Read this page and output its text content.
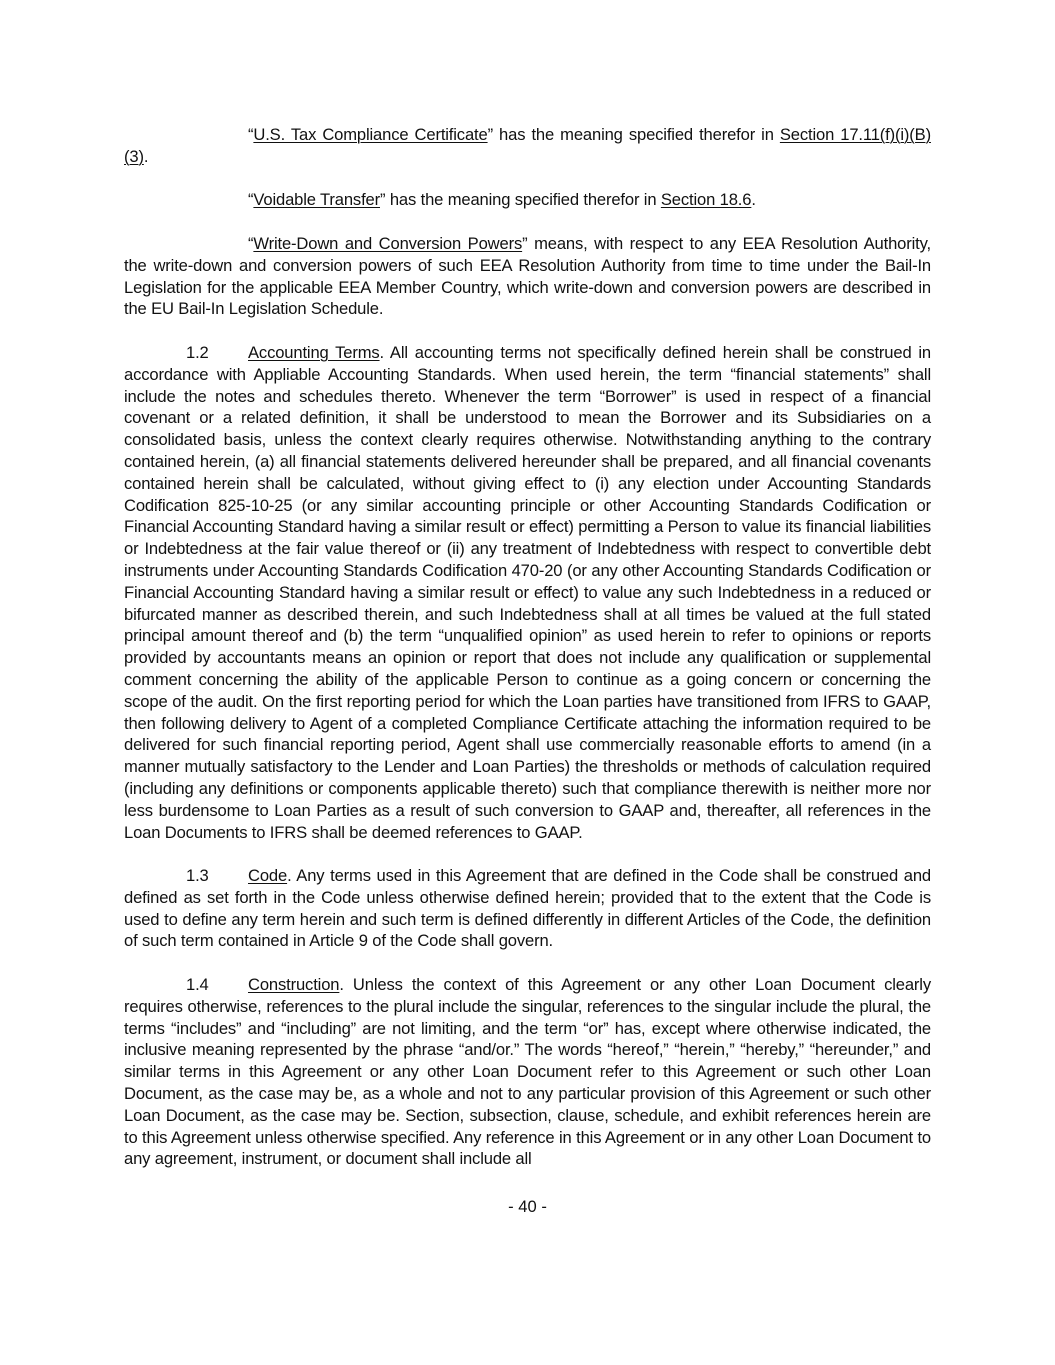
“U.S. Tax Compliance Certificate” has the meaning specified therefor in Section 17.11(f)(i)(B)(3).

“Voidable Transfer” has the meaning specified therefor in Section 18.6.

“Write-Down and Conversion Powers” means, with respect to any EEA Resolution Authority, the write-down and conversion powers of such EEA Resolution Authority from time to time under the Bail-In Legislation for the applicable EEA Member Country, which write-down and conversion powers are described in the EU Bail-In Legislation Schedule.

1.2 Accounting Terms. All accounting terms not specifically defined herein shall be construed in accordance with Appliable Accounting Standards. When used herein, the term “financial statements” shall include the notes and schedules thereto. Whenever the term “Borrower” is used in respect of a financial covenant or a related definition, it shall be understood to mean the Borrower and its Subsidiaries on a consolidated basis, unless the context clearly requires otherwise. Notwithstanding anything to the contrary contained herein, (a) all financial statements delivered hereunder shall be prepared, and all financial covenants contained herein shall be calculated, without giving effect to (i) any election under Accounting Standards Codification 825-10-25 (or any similar accounting principle or other Accounting Standards Codification or Financial Accounting Standard having a similar result or effect) permitting a Person to value its financial liabilities or Indebtedness at the fair value thereof or (ii) any treatment of Indebtedness with respect to convertible debt instruments under Accounting Standards Codification 470-20 (or any other Accounting Standards Codification or Financial Accounting Standard having a similar result or effect) to value any such Indebtedness in a reduced or bifurcated manner as described therein, and such Indebtedness shall at all times be valued at the full stated principal amount thereof and (b) the term “unqualified opinion” as used herein to refer to opinions or reports provided by accountants means an opinion or report that does not include any qualification or supplemental comment concerning the ability of the applicable Person to continue as a going concern or concerning the scope of the audit. On the first reporting period for which the Loan parties have transitioned from IFRS to GAAP, then following delivery to Agent of a completed Compliance Certificate attaching the information required to be delivered for such financial reporting period, Agent shall use commercially reasonable efforts to amend (in a manner mutually satisfactory to the Lender and Loan Parties) the thresholds or methods of calculation required (including any definitions or components applicable thereto) such that compliance therewith is neither more nor less burdensome to Loan Parties as a result of such conversion to GAAP and, thereafter, all references in the Loan Documents to IFRS shall be deemed references to GAAP.

1.3 Code. Any terms used in this Agreement that are defined in the Code shall be construed and defined as set forth in the Code unless otherwise defined herein; provided that to the extent that the Code is used to define any term herein and such term is defined differently in different Articles of the Code, the definition of such term contained in Article 9 of the Code shall govern.

1.4 Construction. Unless the context of this Agreement or any other Loan Document clearly requires otherwise, references to the plural include the singular, references to the singular include the plural, the terms “includes” and “including” are not limiting, and the term “or” has, except where otherwise indicated, the inclusive meaning represented by the phrase “and/or.” The words “hereof,” “herein,” “hereby,” “hereunder,” and similar terms in this Agreement or any other Loan Document refer to this Agreement or such other Loan Document, as the case may be, as a whole and not to any particular provision of this Agreement or such other Loan Document, as the case may be. Section, subsection, clause, schedule, and exhibit references herein are to this Agreement unless otherwise specified. Any reference in this Agreement or in any other Loan Document to any agreement, instrument, or document shall include all

- 40 -
